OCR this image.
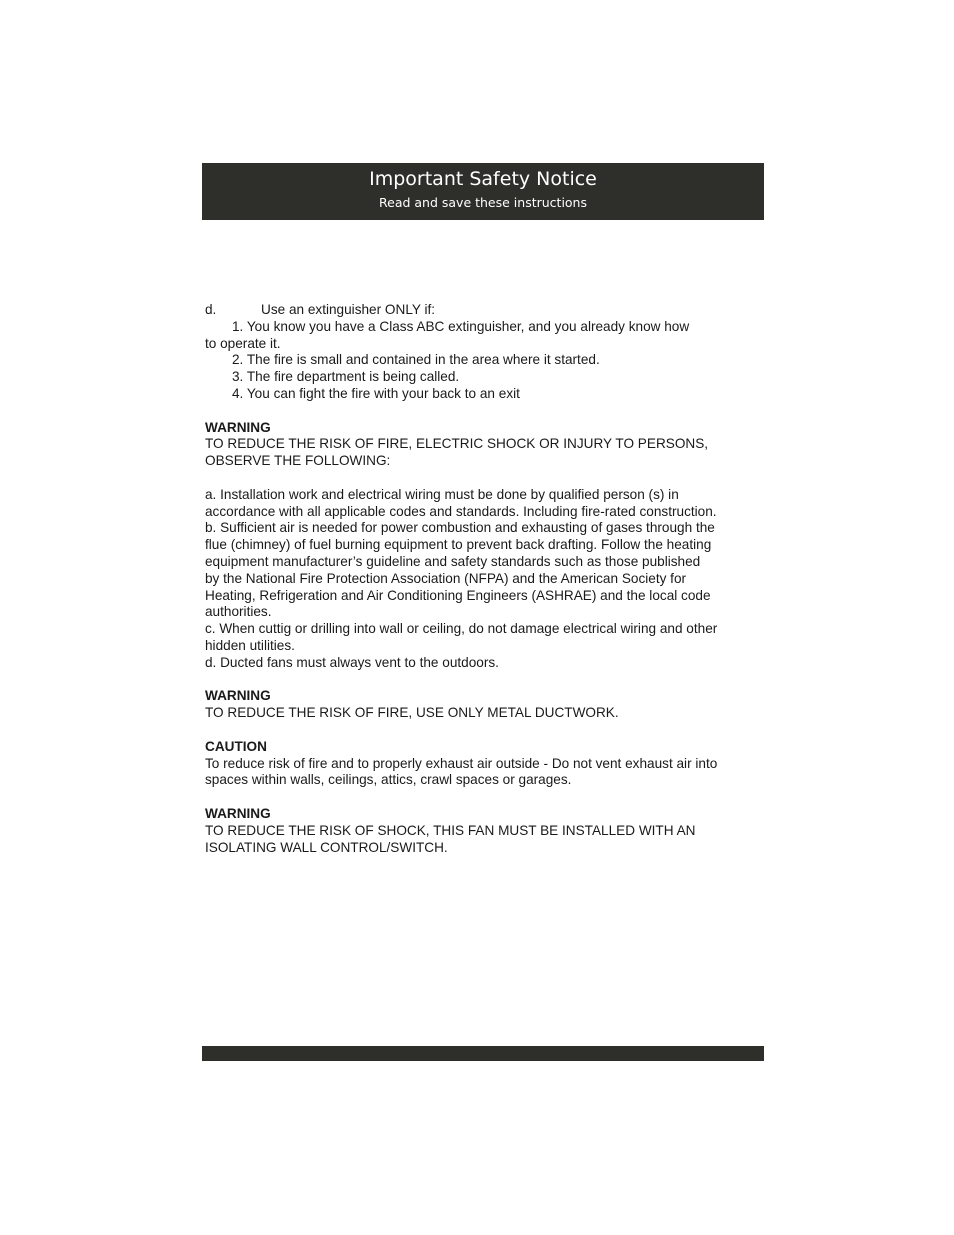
Important Safety Notice
Read and save these instructions
d.	Use an extinguisher ONLY if:
1. You know you have a Class ABC extinguisher, and you already know how
to operate it.
2. The fire is small and contained in the area where it started.
3. The fire department is being called.
4. You can fight the fire with your back to an exit
WARNING
TO REDUCE THE RISK OF FIRE, ELECTRIC SHOCK OR INJURY TO PERSONS,
OBSERVE THE FOLLOWING:
a. Installation work and electrical wiring must be done by qualified person (s) in
accordance with all applicable codes and standards. Including fire-rated construction.
b. Sufficient air is needed for power combustion and exhausting of gases through the
flue (chimney) of fuel burning equipment to prevent back drafting. Follow the heating
equipment manufacturer’s guideline and safety standards such as those published
by the National Fire Protection Association (NFPA) and the American Society for
Heating, Refrigeration and Air Conditioning Engineers (ASHRAE) and the local code
authorities.
c. When cuttig or drilling into wall or ceiling, do not damage electrical wiring and other
hidden utilities.
d. Ducted fans must always vent to the outdoors.
WARNING
TO REDUCE THE RISK OF FIRE, USE ONLY METAL DUCTWORK.
CAUTION
To reduce risk of fire and to properly exhaust air outside - Do not vent exhaust air into
spaces within walls, ceilings, attics, crawl spaces or garages.
WARNING
TO REDUCE THE RISK OF SHOCK, THIS FAN MUST BE INSTALLED WITH AN
ISOLATING WALL CONTROL/SWITCH.
